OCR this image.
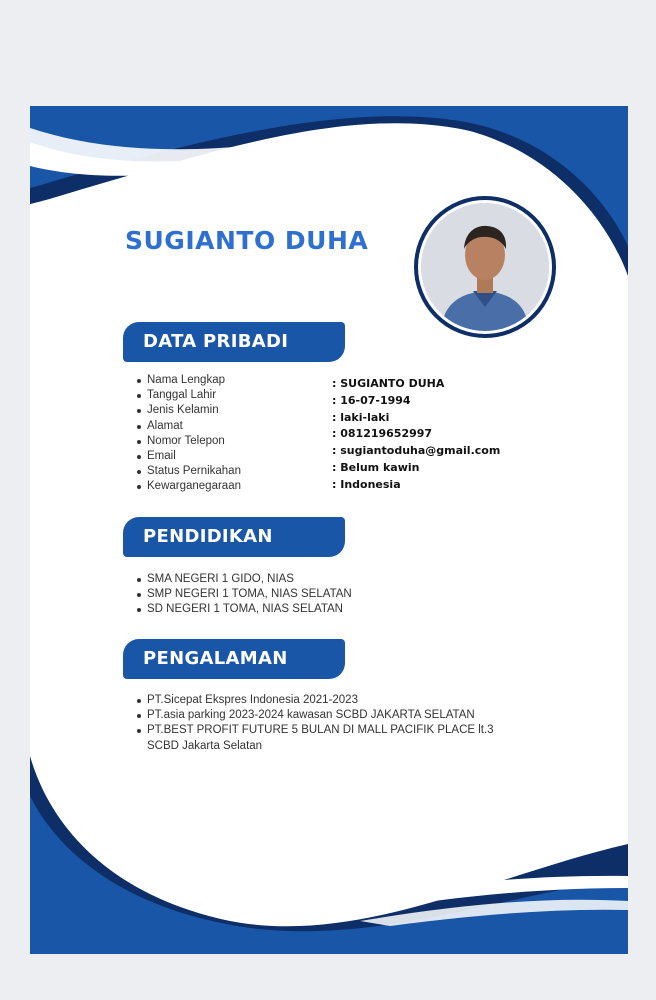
SUGIANTO DUHA
DATA PRIBADI
Nama Lengkap
Tanggal Lahir
Jenis Kelamin
Alamat
Nomor Telepon
Email
Status Pernikahan
Kewarganegaraan
: SUGIANTO DUHA
: 16-07-1994
: laki-laki
: 081219652997
: sugiantoduha@gmail.com
: Belum kawin
: Indonesia
PENDIDIKAN
SMA NEGERI 1 GIDO, NIAS
SMP NEGERI 1 TOMA, NIAS SELATAN
SD NEGERI 1 TOMA, NIAS SELATAN
PENGALAMAN
PT.Sicepat Ekspres Indonesia 2021-2023
PT.asia parking 2023-2024 kawasan SCBD JAKARTA SELATAN
PT.BEST PROFIT FUTURE 5 BULAN DI MALL PACIFIK PLACE lt.3 SCBD Jakarta Selatan
